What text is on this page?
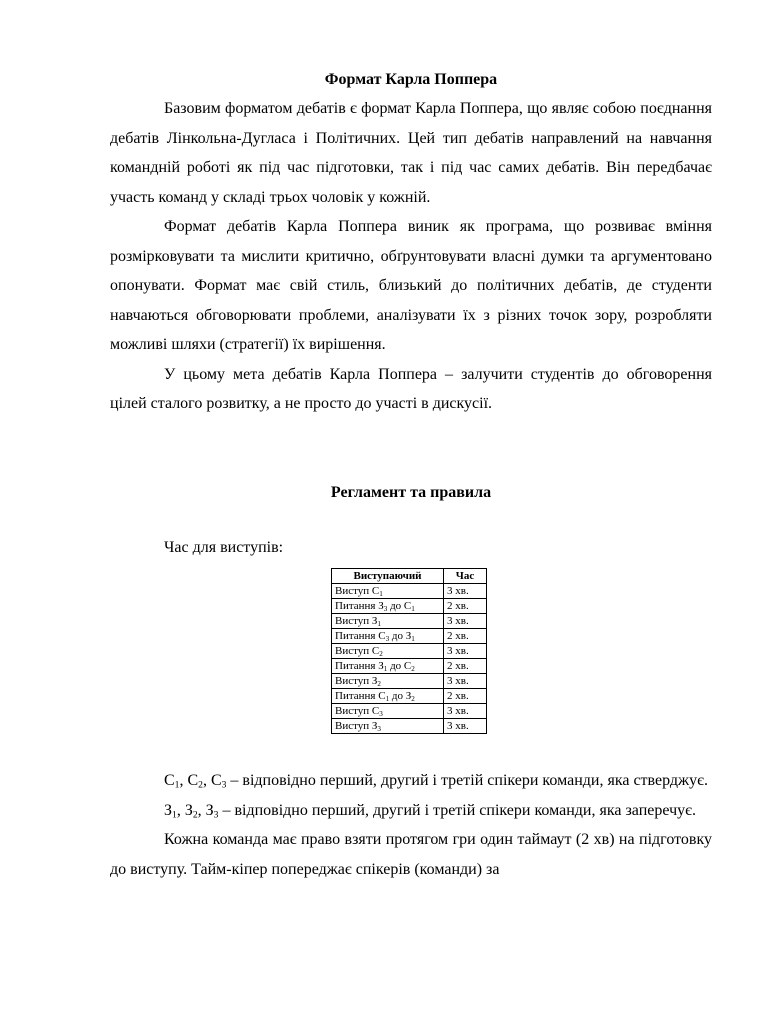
Формат Карла Поппера

Базовим форматом дебатів є формат Карла Поппера, що являє собою поєднання дебатів Лінкольна-Дугласа і Політичних. Цей тип дебатів направлений на навчання командній роботі як під час підготовки, так і під час самих дебатів. Він передбачає участь команд у складі трьох чоловік у кожній.

Формат дебатів Карла Поппера виник як програма, що розвиває вміння розмірковувати та мислити критично, обґрунтовувати власні думки та аргументовано опонувати. Формат має свій стиль, близький до політичних дебатів, де студенти навчаються обговорювати проблеми, аналізувати їх з різних точок зору, розробляти можливі шляхи (стратегії) їх вирішення.

У цьому мета дебатів Карла Поппера – залучити студентів до обговорення цілей сталого розвитку, а не просто до участі в дискусії.

Регламент та правила
Час для виступів:
Виступаючий	Час
Виступ С1	3 хв.
Питання З3 до С1	2 хв.
Виступ З1	3 хв.
Питання С3 до З1	2 хв.
Виступ С2	3 хв.
Питання З1 до С2	2 хв.
Виступ З2	3 хв.
Питання С1 до З2	2 хв.
Виступ С3	3 хв.
Виступ З3	3 хв.

$С_1$, $С_2$, $С_3$ – відповідно перший, другий і третій спікери команди, яка стверджує.

$З_1$, $З_2$, $З_3$ – відповідно перший, другий і третій спікери команди, яка заперечує.

Кожна команда має право взяти протягом гри один таймаут (2 хв) на підготовку до виступу. Тайм-кіпер попереджає спікерів (команди) за
